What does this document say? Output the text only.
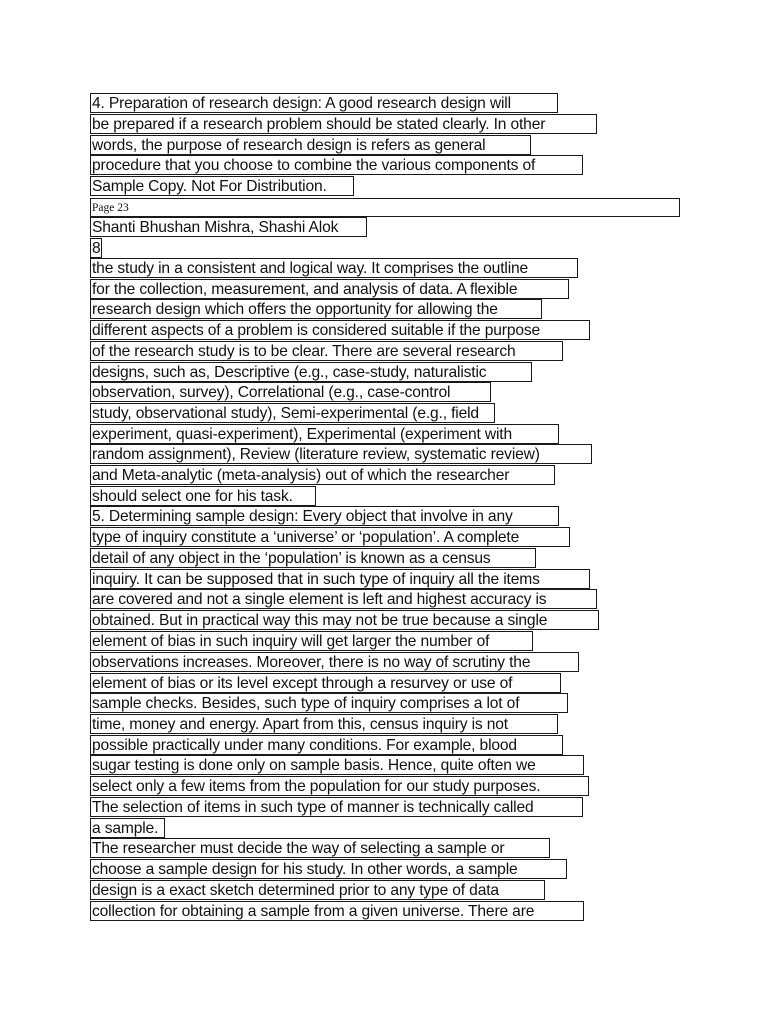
4. Preparation of research design: A good research design will
be prepared if a research problem should be stated clearly. In other
words, the purpose of research design is refers as general
procedure that you choose to combine the various components of
Sample Copy. Not For Distribution.
Page 23
Shanti Bhushan Mishra, Shashi Alok
8
the study in a consistent and logical way. It comprises the outline
for the collection, measurement, and analysis of data. A flexible
research design which offers the opportunity for allowing the
different aspects of a problem is considered suitable if the purpose
of the research study is to be clear. There are several research
designs, such as, Descriptive (e.g., case-study, naturalistic
observation, survey), Correlational (e.g., case-control
study, observational study), Semi-experimental (e.g., field
experiment, quasi-experiment), Experimental (experiment with
random assignment), Review (literature review, systematic review)
and Meta-analytic (meta-analysis) out of which the researcher
should select one for his task.
5. Determining sample design: Every object that involve in any
type of inquiry constitute a ‘universe’ or ‘population’. A complete
detail of any object in the ‘population’ is known as a census
inquiry. It can be supposed that in such type of inquiry all the items
are covered and not a single element is left and highest accuracy is
obtained. But in practical way this may not be true because a single
element of bias in such inquiry will get larger the number of
observations increases. Moreover, there is no way of scrutiny the
element of bias or its level except through a resurvey or use of
sample checks. Besides, such type of inquiry comprises a lot of
time, money and energy. Apart from this, census inquiry is not
possible practically under many conditions. For example, blood
sugar testing is done only on sample basis. Hence, quite often we
select only a few items from the population for our study purposes.
The selection of items in such type of manner is technically called
a sample.
The researcher must decide the way of selecting a sample or
choose a sample design for his study. In other words, a sample
design is a exact sketch determined prior to any type of data
collection for obtaining a sample from a given universe. There are
